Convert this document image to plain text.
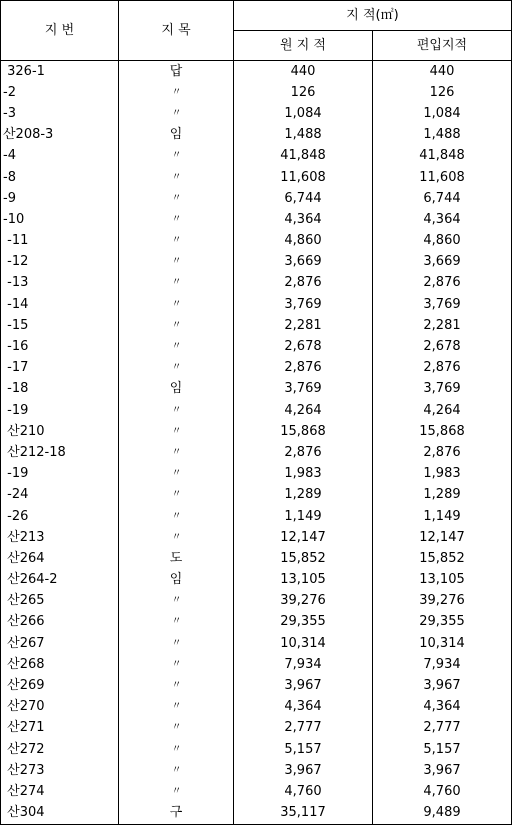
지 번	지 목	지 적(㎡)	
		원 지 적	편입지적
326-1	답	440	440
-2	〃	126	126
-3	〃	1,084	1,084
산208-3	임	1,488	1,488
-4	〃	41,848	41,848
-8	〃	11,608	11,608
-9	〃	6,744	6,744
-10	〃	4,364	4,364
-11	〃	4,860	4,860
-12	〃	3,669	3,669
-13	〃	2,876	2,876
-14	〃	3,769	3,769
-15	〃	2,281	2,281
-16	〃	2,678	2,678
-17	〃	2,876	2,876
-18	임	3,769	3,769
-19	〃	4,264	4,264
산210	〃	15,868	15,868
산212-18	〃	2,876	2,876
-19	〃	1,983	1,983
-24	〃	1,289	1,289
-26	〃	1,149	1,149
산213	〃	12,147	12,147
산264	도	15,852	15,852
산264-2	임	13,105	13,105
산265	〃	39,276	39,276
산266	〃	29,355	29,355
산267	〃	10,314	10,314
산268	〃	7,934	7,934
산269	〃	3,967	3,967
산270	〃	4,364	4,364
산271	〃	2,777	2,777
산272	〃	5,157	5,157
산273	〃	3,967	3,967
산274	〃	4,760	4,760
산304	구	35,117	9,489
